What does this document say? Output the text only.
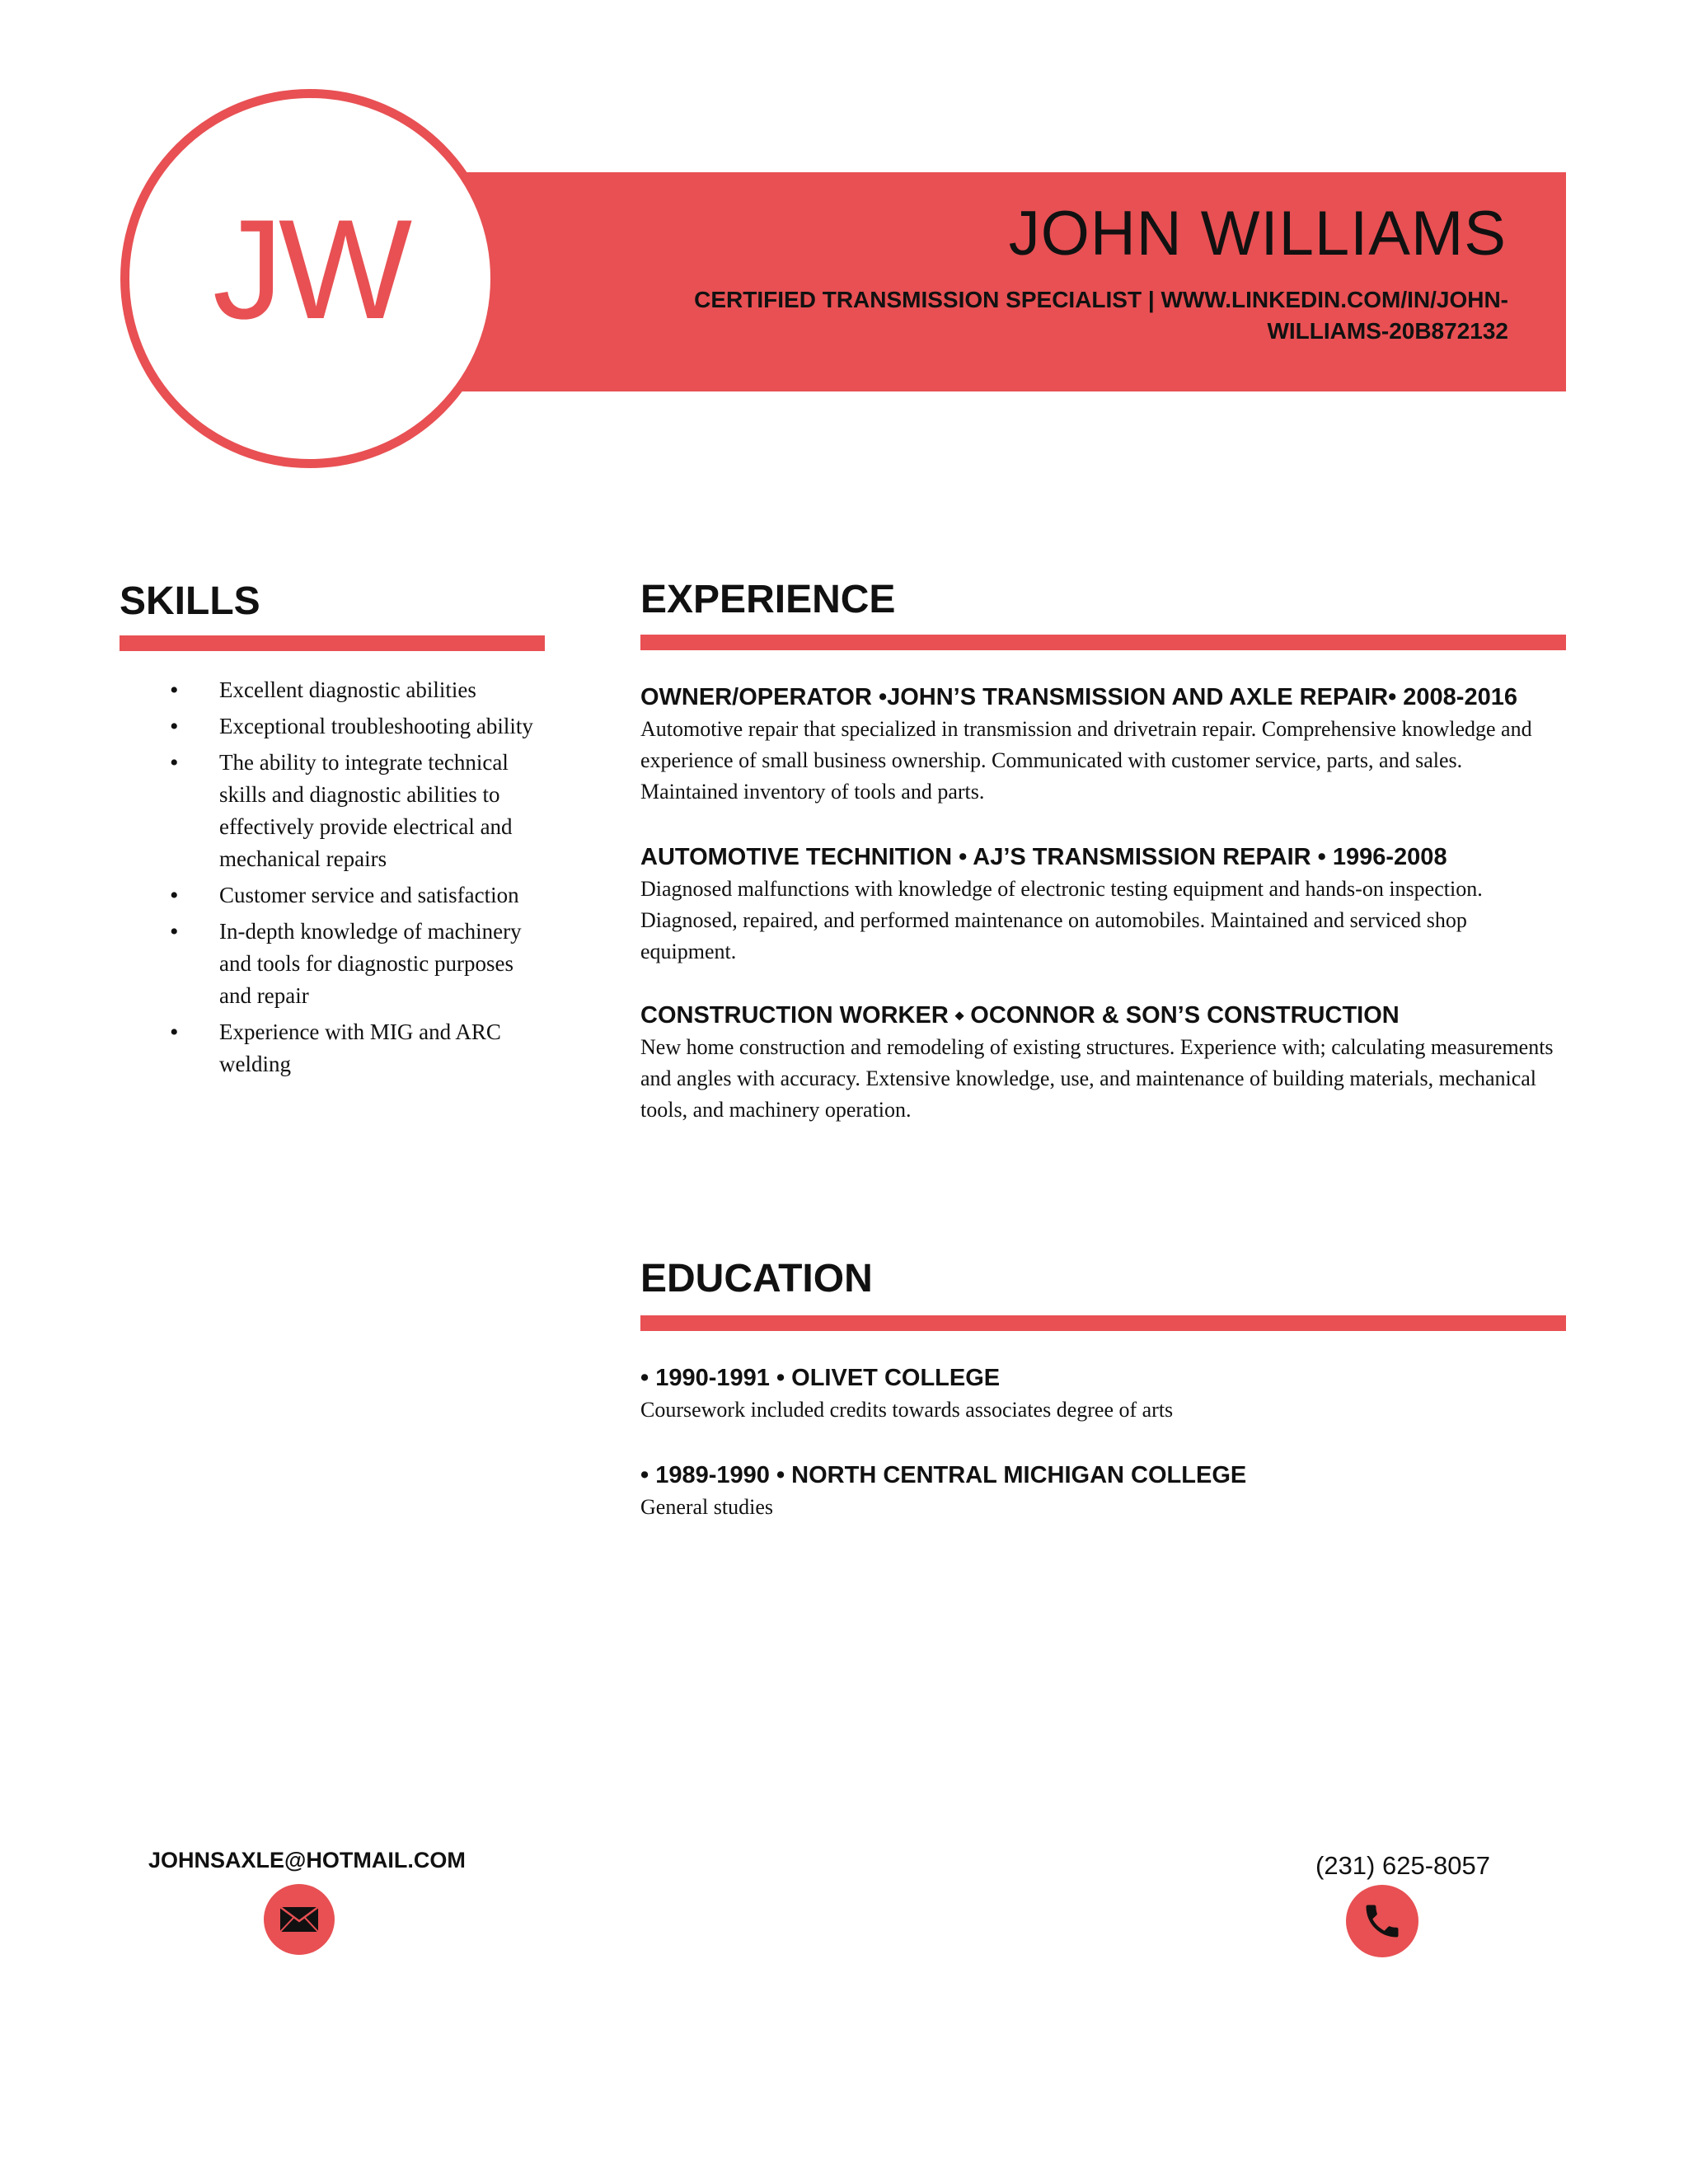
JW	JOHN WILLIAMS

CERTIFIED TRANSMISSION SPECIALIST | WWW.LINKEDIN.COM/IN/JOHN-WILLIAMS-20B872132

SKILLS
• Excellent diagnostic abilities
• Exceptional troubleshooting ability
• The ability to integrate technical skills and diagnostic abilities to effectively provide electrical and mechanical repairs
• Customer service and satisfaction
• In-depth knowledge of machinery and tools for diagnostic purposes and repair
• Experience with MIG and ARC welding
EXPERIENCE
OWNER/OPERATOR •JOHN’S TRANSMISSION AND AXLE REPAIR• 2008-2016
Automotive repair that specialized in transmission and drivetrain repair. Comprehensive knowledge and experience of small business ownership. Communicated with customer service, parts, and sales. Maintained inventory of tools and parts.
AUTOMOTIVE TECHNITION • AJ’S TRANSMISSION REPAIR • 1996-2008
Diagnosed malfunctions with knowledge of electronic testing equipment and hands-on inspection. Diagnosed, repaired, and performed maintenance on automobiles. Maintained and serviced shop equipment.
CONSTRUCTION WORKER ⬩ OCONNOR & SON’S CONSTRUCTION
New home construction and remodeling of existing structures. Experience with; calculating measurements and angles with accuracy. Extensive knowledge, use, and maintenance of building materials, mechanical tools, and machinery operation.
EDUCATION
• 1990-1991 • OLIVET COLLEGE
Coursework included credits towards associates degree of arts
• 1989-1990 • NORTH CENTRAL MICHIGAN COLLEGE
General studies
JOHNSAXLE@HOTMAIL.COM	(231) 625-8057
